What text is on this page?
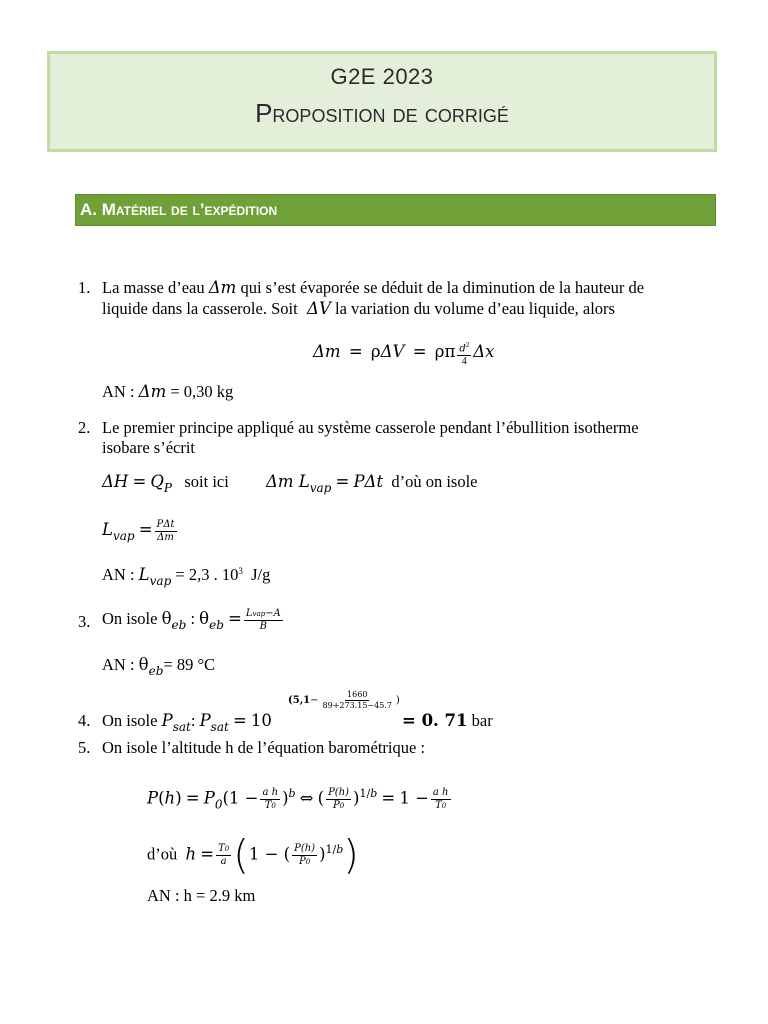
G2E 2023
Proposition de corrigé
A. Matériel de l’expédition
1. La masse d’eau Δm qui s’est évaporée se déduit de la diminution de la hauteur de
liquide dans la casserole. Soit  ΔV la variation du volume d’eau liquide, alors
Δm = ρΔV = ρπ $\frac{d^2}{4}$ Δx
AN : Δm = 0,30 kg
2. Le premier principe appliqué au système casserole pendant l’ébullition isotherme
isobare s’écrit
$\Delta H = Q_P$ soit ici Δm $L_{vap} = P\Delta t$ d’où on isole
$L_{vap} = \frac{\text{PΔt}}{\Delta m}$
AN : $L_{vap} = 2,3$ . $10^3$ J/g
3. On isole $\theta_{eb}$ : $\theta_{eb} = \frac{\text{Lvap−A}}{B}$
AN : $\theta_{eb}= 89$ °C
4. On isole $P_{sat}$: $P_{sat} = 10$
($5,1- \frac{1660}{89+273.15-45.7}$ )
= 0. 71 bar
5. On isole l’altitude h de l’équation barométrique :
$P(h) = P_0(1 - \frac{\text{a h}}{T0} )^b$ ⇔ ( $\frac{P(h)}{P0} )^{1/b} = 1 - \frac{\text{a h}}{T0}$
d’où $h = \frac{T0}{a} (1$ − ( $\frac{P(h)}{P0} )^{1/b}$)
AN : h = 2.9 km
